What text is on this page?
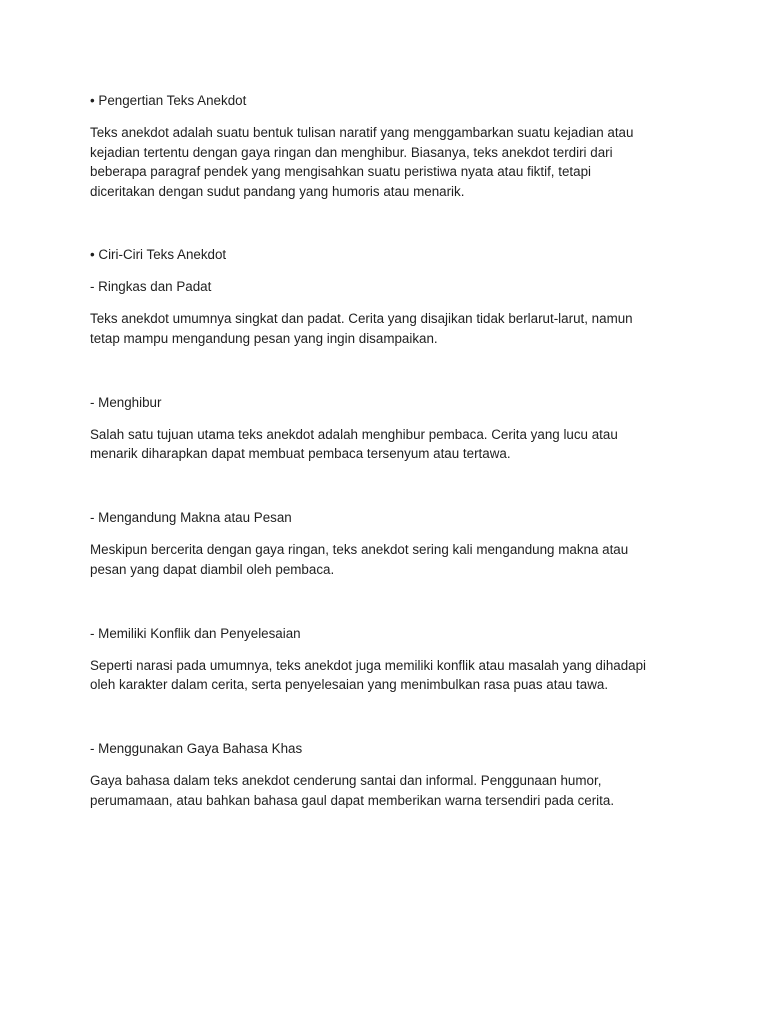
• Pengertian Teks Anekdot

Teks anekdot adalah suatu bentuk tulisan naratif yang menggambarkan suatu kejadian atau

kejadian tertentu dengan gaya ringan dan menghibur. Biasanya, teks anekdot terdiri dari

beberapa paragraf pendek yang mengisahkan suatu peristiwa nyata atau fiktif, tetapi

diceritakan dengan sudut pandang yang humoris atau menarik.

• Ciri-Ciri Teks Anekdot

- Ringkas dan Padat

Teks anekdot umumnya singkat dan padat. Cerita yang disajikan tidak berlarut-larut, namun

tetap mampu mengandung pesan yang ingin disampaikan.

- Menghibur

Salah satu tujuan utama teks anekdot adalah menghibur pembaca. Cerita yang lucu atau

menarik diharapkan dapat membuat pembaca tersenyum atau tertawa.

- Mengandung Makna atau Pesan

Meskipun bercerita dengan gaya ringan, teks anekdot sering kali mengandung makna atau

pesan yang dapat diambil oleh pembaca.

- Memiliki Konflik dan Penyelesaian

Seperti narasi pada umumnya, teks anekdot juga memiliki konflik atau masalah yang dihadapi

oleh karakter dalam cerita, serta penyelesaian yang menimbulkan rasa puas atau tawa.

- Menggunakan Gaya Bahasa Khas

Gaya bahasa dalam teks anekdot cenderung santai dan informal. Penggunaan humor,

perumamaan, atau bahkan bahasa gaul dapat memberikan warna tersendiri pada cerita.
